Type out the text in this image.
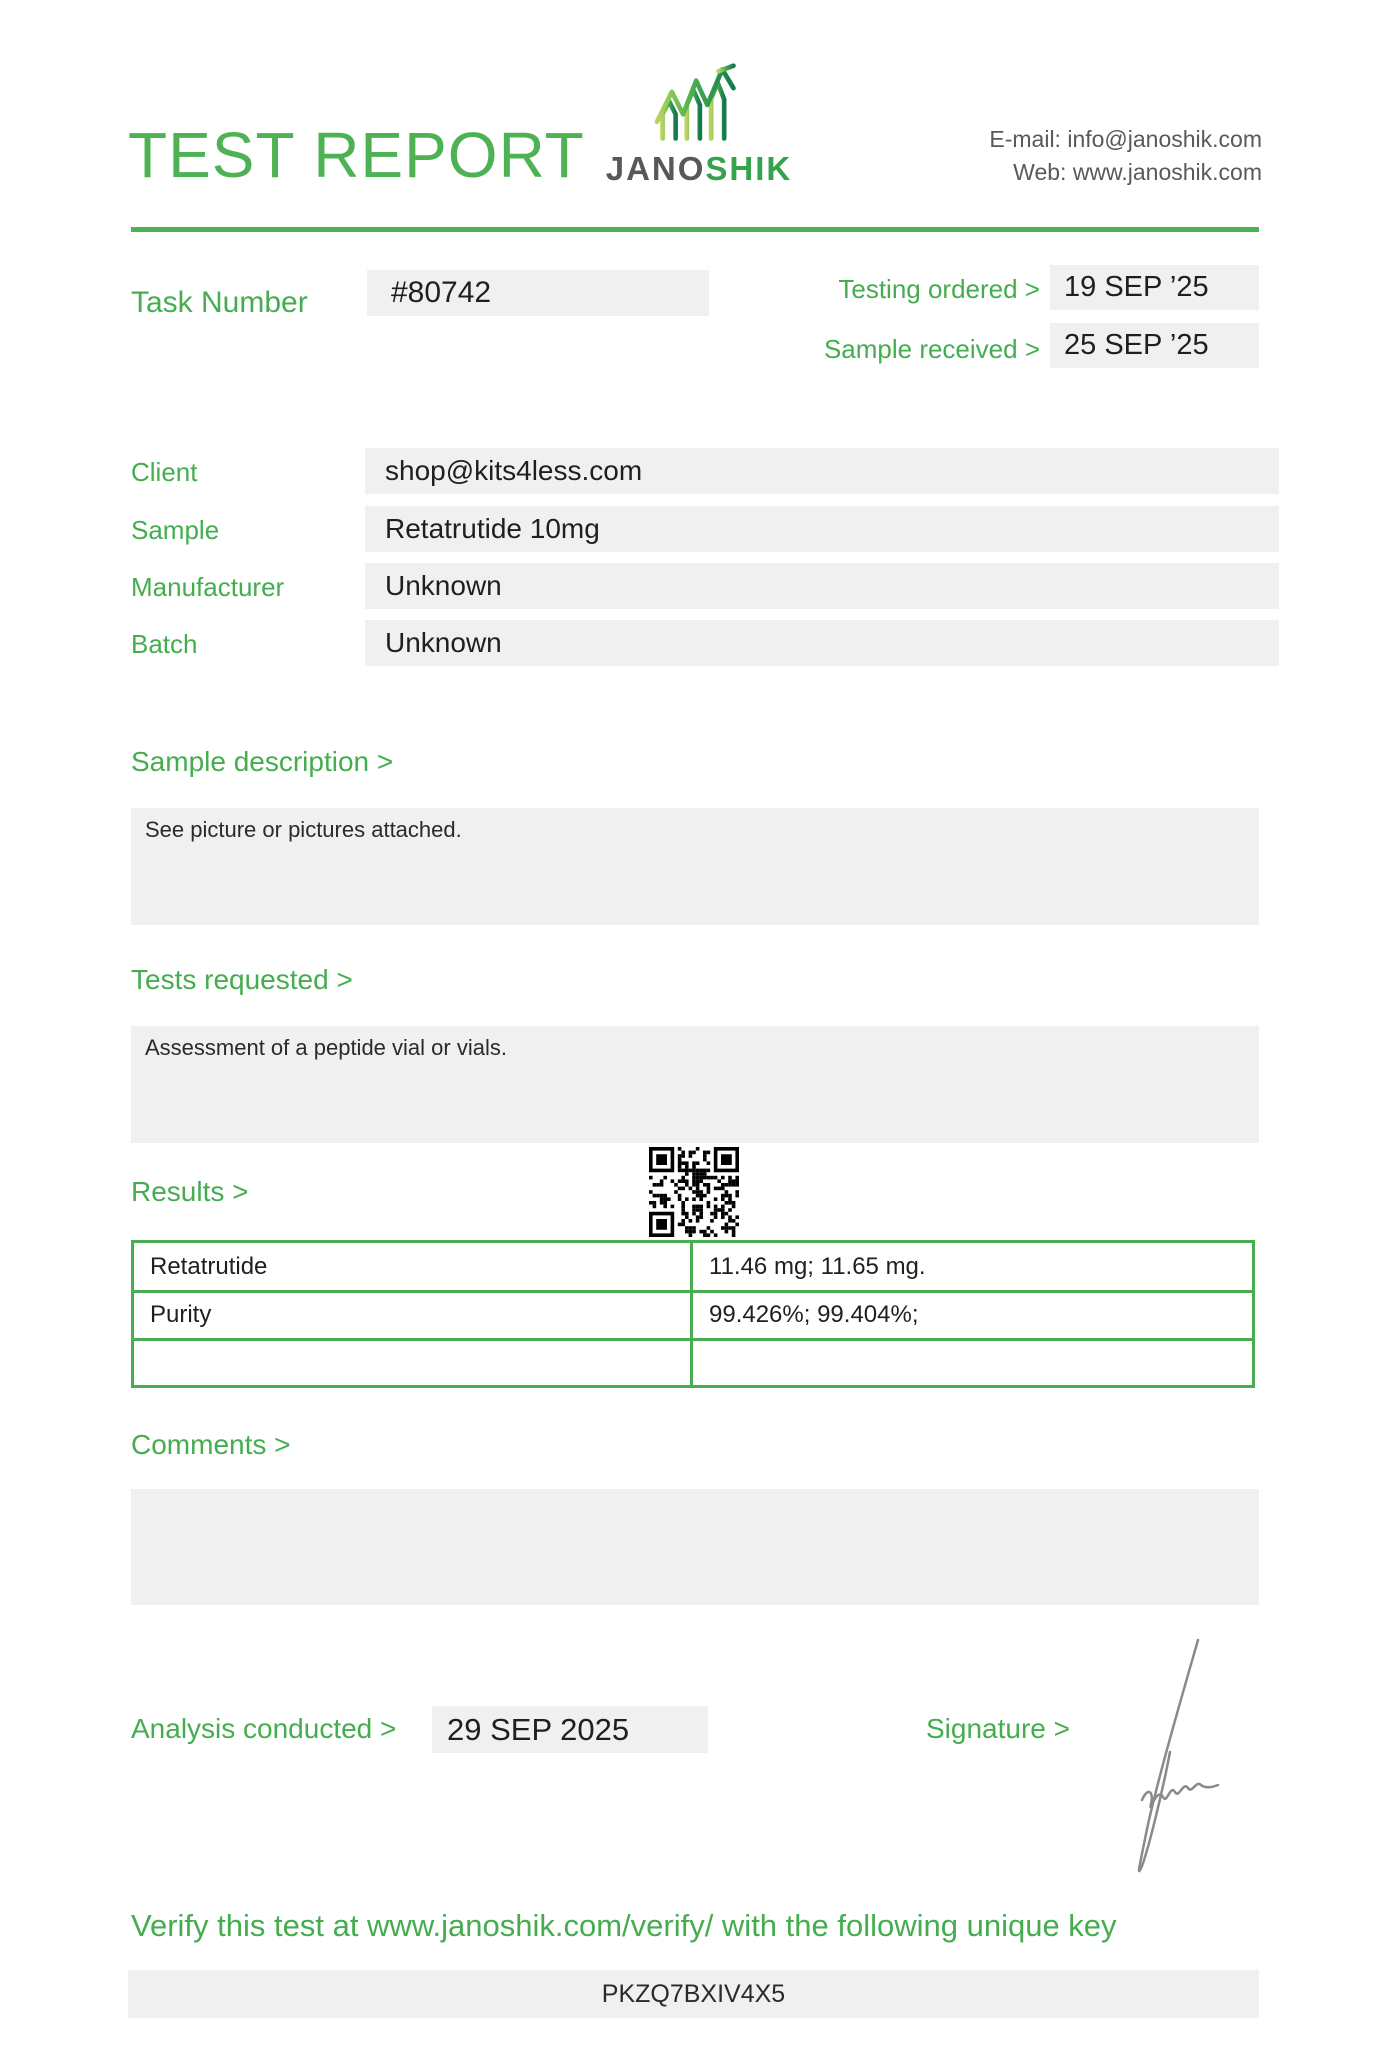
TEST REPORT JANOSHIK
E-mail: info@janoshik.com
Web: www.janoshik.com
Task Number	#80742	Testing ordered > 19 SEP ’25
Sample received > 25 SEP ’25
Client	shop@kits4less.com
Sample	Retatrutide 10mg
Manufacturer	Unknown
Batch	Unknown
Sample description >
See picture or pictures attached.
Tests requested >
Assessment of a peptide vial or vials.
Results >
Retatrutide	11.46 mg; 11.65 mg.
Purity	99.426%; 99.404%;
Comments >
Analysis conducted >	29 SEP 2025	Signature >
Verify this test at www.janoshik.com/verify/ with the following unique key
PKZQ7BXIV4X5
